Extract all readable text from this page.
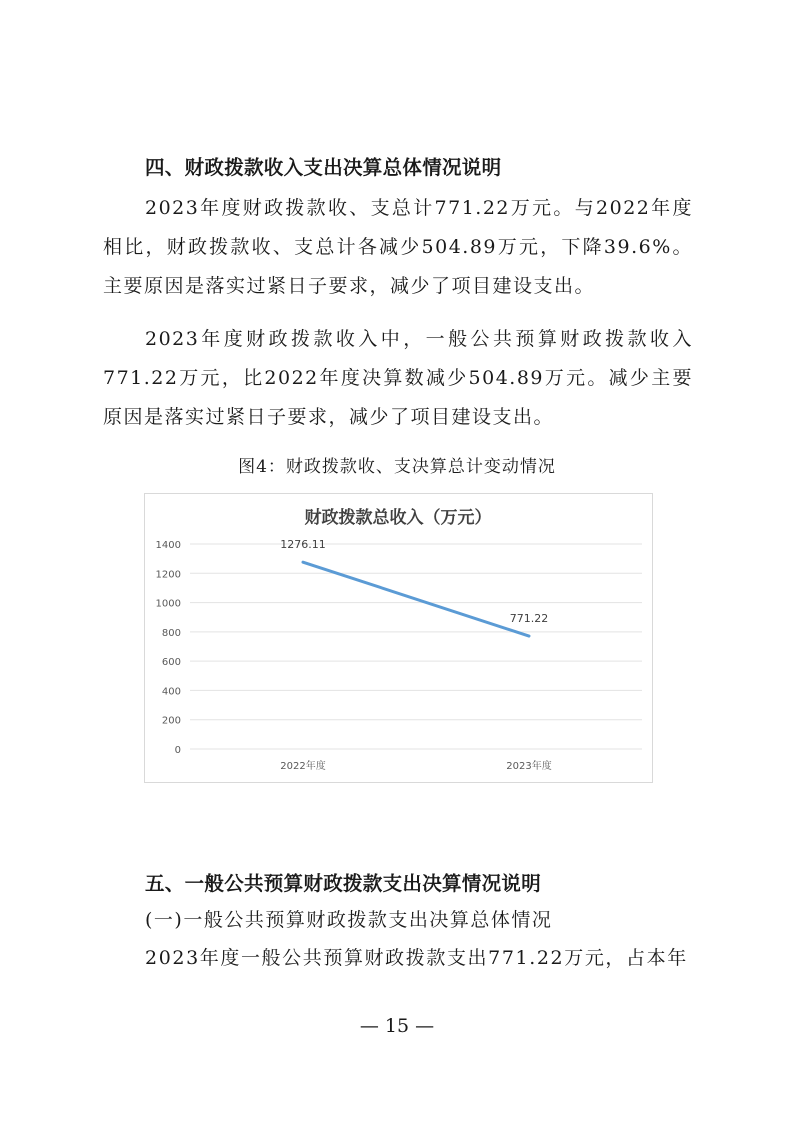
四、财政拨款收入支出决算总体情况说明
2023年度财政拨款收、支总计771.22万元。与2022年度相比，财政拨款收、支总计各减少504.89万元，下降39.6%。主要原因是落实过紧日子要求，减少了项目建设支出。
2023年度财政拨款收入中，一般公共预算财政拨款收入771.22万元，比2022年度决算数减少504.89万元。减少主要原因是落实过紧日子要求，减少了项目建设支出。
图4：财政拨款收、支决算总计变动情况
财政拨款总收入（万元）
0
200
400
600
800
1000
1200
1400
2022年度	2023年度
1276.11
771.22
五、一般公共预算财政拨款支出决算情况说明
(一)一般公共预算财政拨款支出决算总体情况
2023年度一般公共预算财政拨款支出771.22万元，占本年
— 15 —
